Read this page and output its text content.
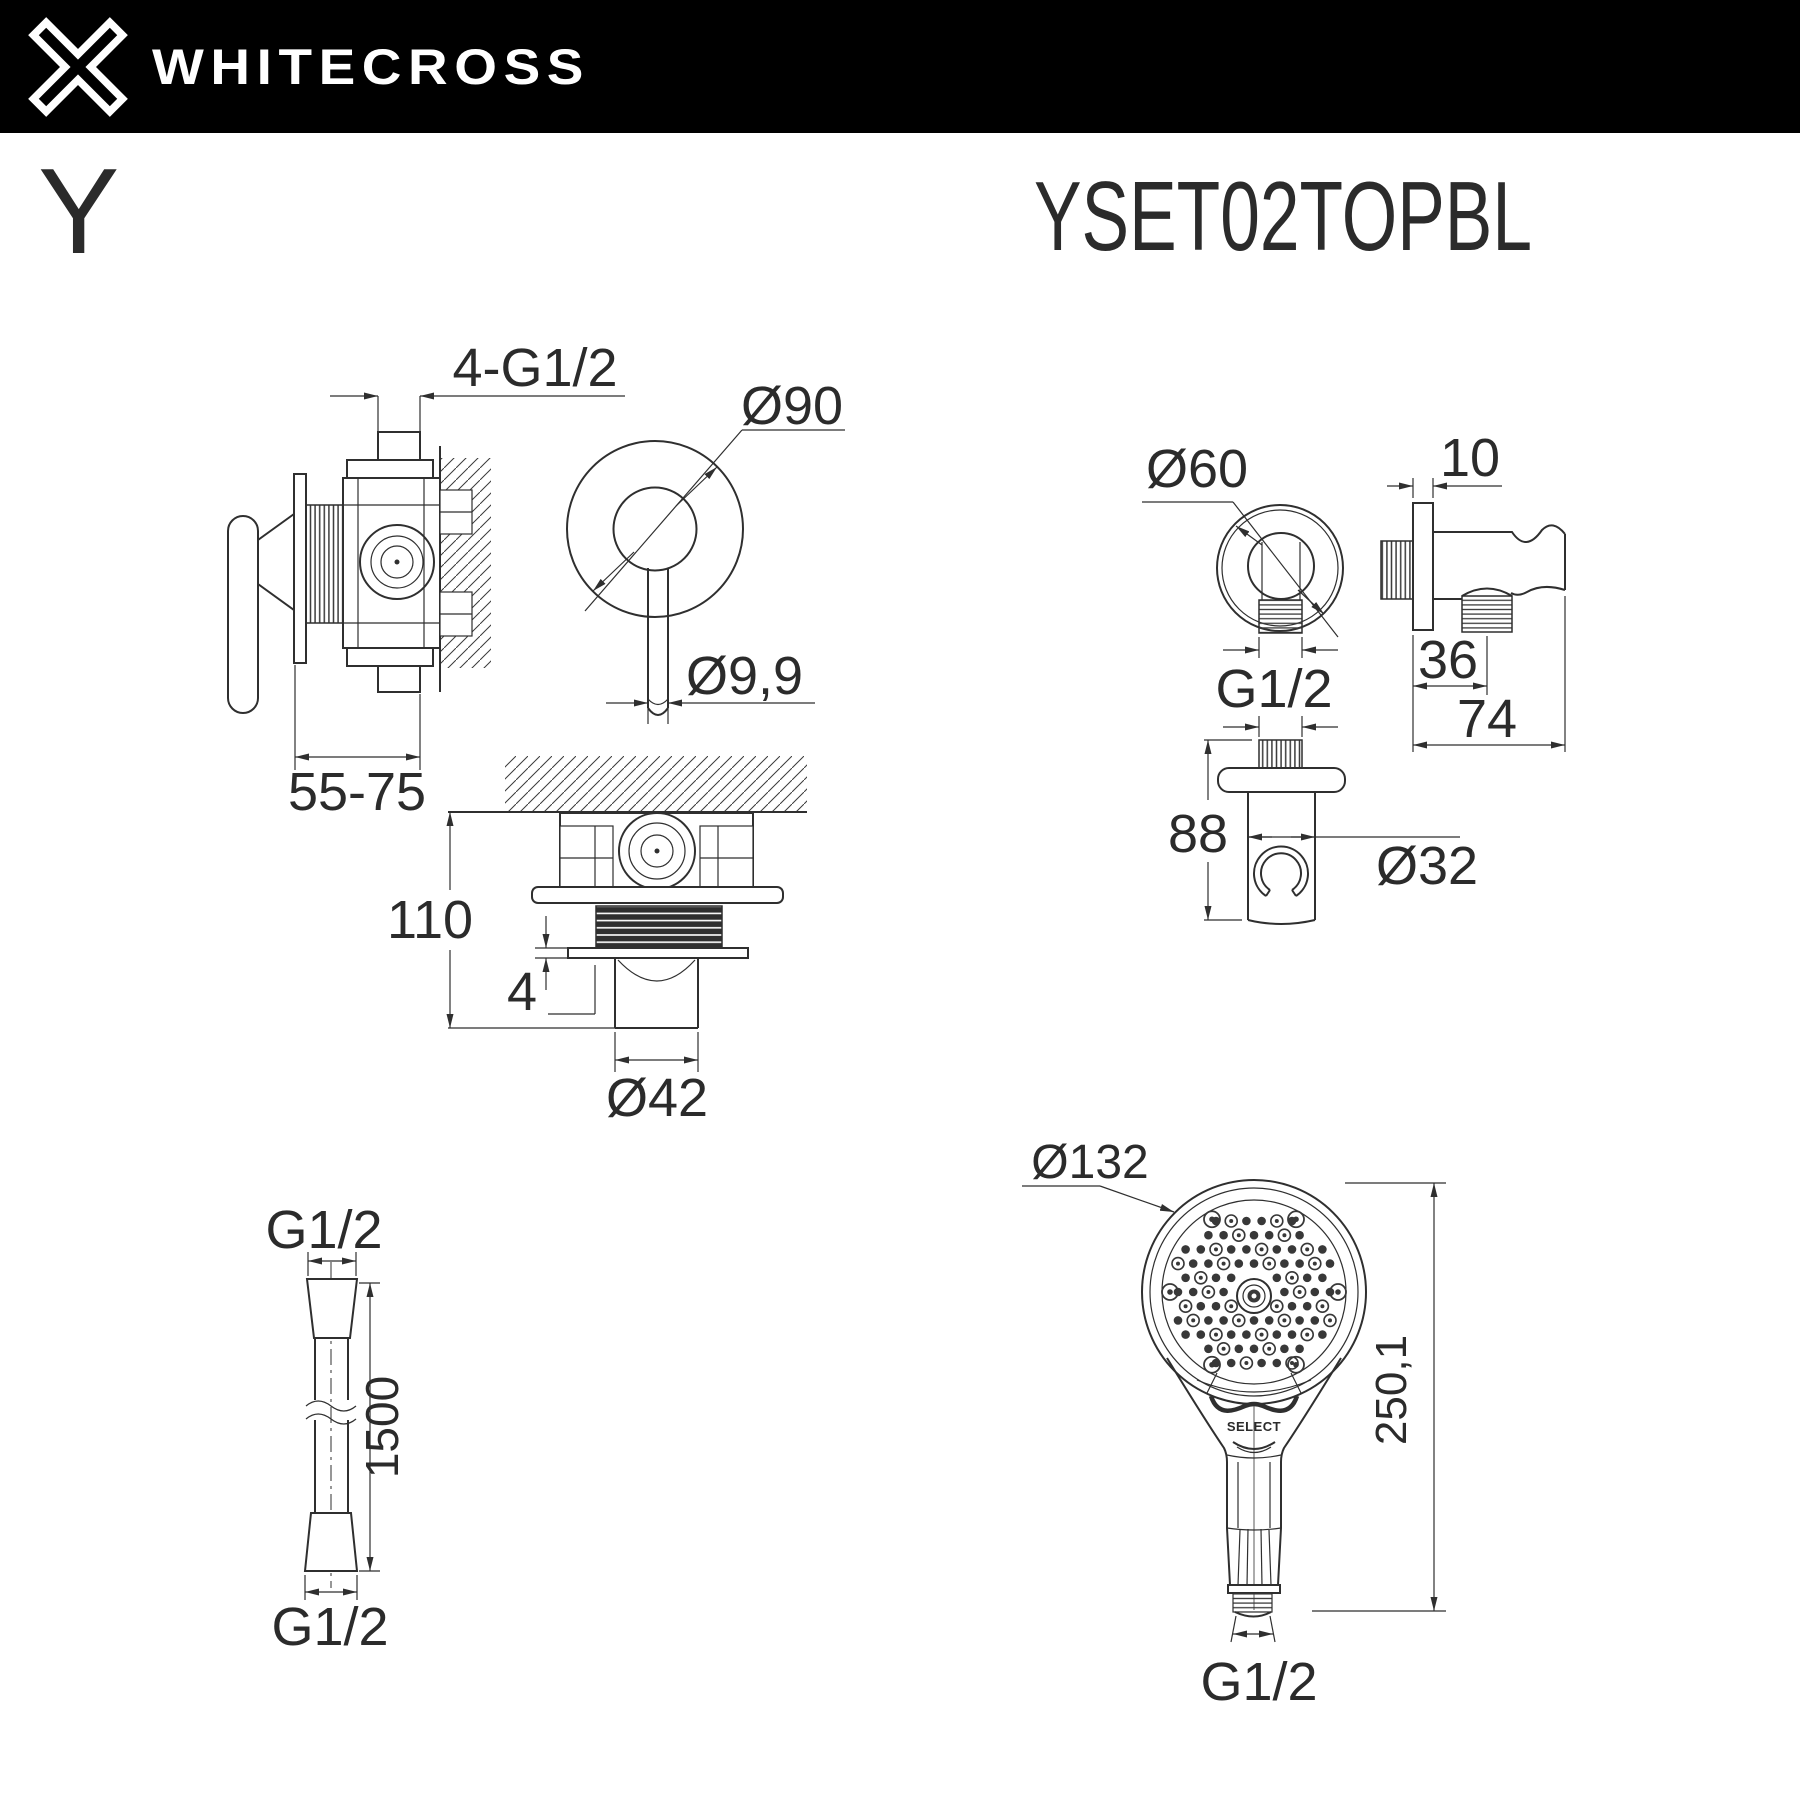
WHITECROSS
Y	YSET02TOPBL
4-G1/2
55-75
Ø90
Ø9,9
110
4
Ø42
Ø60
G1/2
10
36
74
88
Ø32
G1/2
1500
G1/2
SELECT
Ø132
250,1
G1/2
